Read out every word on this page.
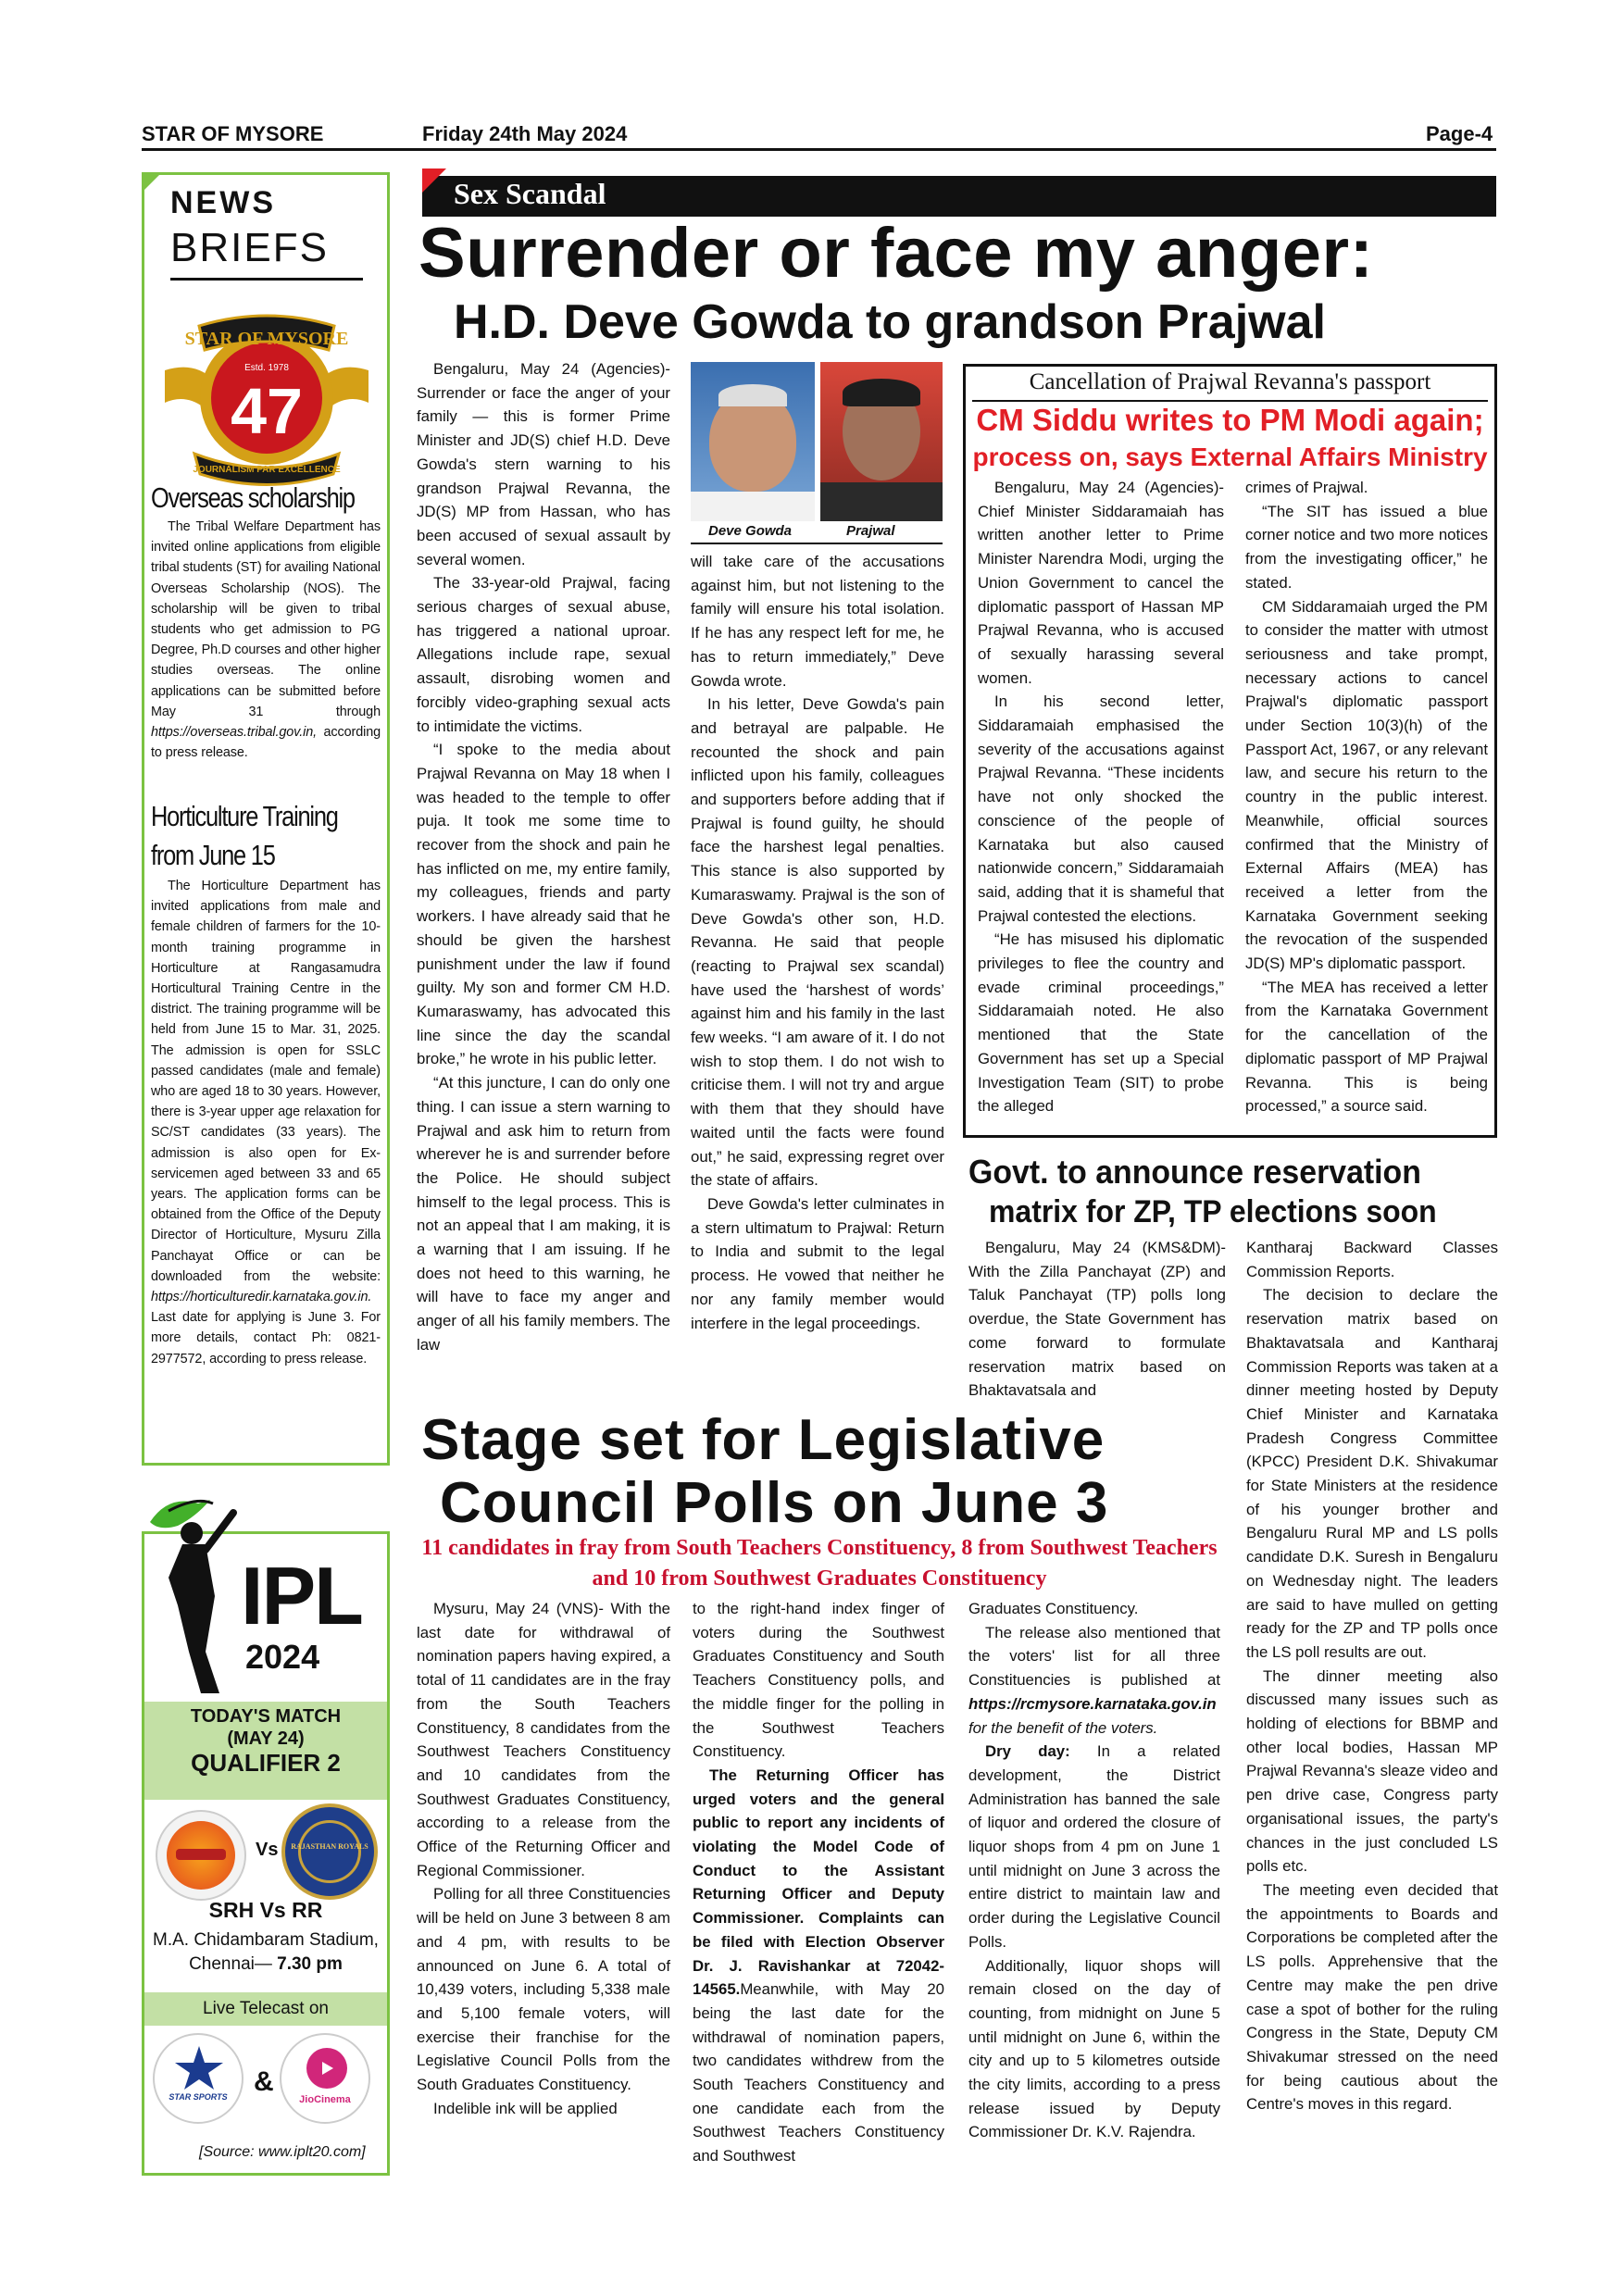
STAR OF MYSORE	Friday 24th May 2024	Page-4
NEWS
BRIEFS
STAR OF MYSORE
Estd. 1978
47
JOURNALISM PAR EXCELLENCE
Overseas scholarship

The Tribal Welfare Department has invited online applications from eligible tribal students (ST) for availing National Overseas Scholarship (NOS). The scholarship will be given to tribal students who get admission to PG Degree, Ph.D courses and other higher studies overseas. The online applications can be submitted before May 31 through https://overseas.tribal.gov.in, according to press release.

Horticulture Training
from June 15

The Horticulture Department has invited applications from male and female children of farmers for the 10-month training programme in Horticulture at Rangasamudra Horticultural Training Centre in the district. The training programme will be held from June 15 to Mar. 31, 2025. The admission is open for SSLC passed candidates (male and female) who are aged 18 to 30 years. However, there is 3-year upper age relaxation for SC/ST candidates (33 years). The admission is also open for Ex-servicemen aged between 33 and 65 years. The application forms can be obtained from the Office of the Deputy Director of Horticulture, Mysuru Zilla Panchayat Office or can be downloaded from the website: https://horticulturedir.karnataka.gov.in. Last date for applying is June 3. For more details, contact Ph: 0821-2977572, according to press release.

Sex Scandal
Surrender or face my anger:
H.D. Deve Gowda to grandson Prajwal
Deve Gowda	Prajwal

Bengaluru, May 24 (Agencies)- Surrender or face the anger of your family — this is former Prime Minister and JD(S) chief H.D. Deve Gowda's stern warning to his grandson Prajwal Revanna, the JD(S) MP from Hassan, who has been accused of sexual assault by several women.

The 33-year-old Prajwal, facing serious charges of sexual abuse, has triggered a national uproar. Allegations include rape, sexual assault, disrobing women and forcibly video-graphing sexual acts to intimidate the victims.

“I spoke to the media about Prajwal Revanna on May 18 when I was headed to the temple to offer puja. It took me some time to recover from the shock and pain he has inflicted on me, my entire family, my colleagues, friends and party workers. I have already said that he should be given the harshest punishment under the law if found guilty. My son and former CM H.D. Kumaraswamy, has advocated this line since the day the scandal broke,” he wrote in his public letter.

“At this juncture, I can do only one thing. I can issue a stern warning to Prajwal and ask him to return from wherever he is and surrender before the Police. He should subject himself to the legal process. This is not an appeal that I am making, it is a warning that I am issuing. If he does not heed to this warning, he will have to face my anger and anger of all his family members. The law

will take care of the accusations against him, but not listening to the family will ensure his total isolation. If he has any respect left for me, he has to return immediately,” Deve Gowda wrote.

In his letter, Deve Gowda's pain and betrayal are palpable. He recounted the shock and pain inflicted upon his family, colleagues and supporters before adding that if Prajwal is found guilty, he should face the harshest legal penalties. This stance is also supported by Kumaraswamy. Prajwal is the son of Deve Gowda's other son, H.D. Revanna. He said that people (reacting to Prajwal sex scandal) have used the ‘harshest of words’ against him and his family in the last few weeks. “I am aware of it. I do not wish to stop them. I do not wish to criticise them. I will not try and argue with them that they should have waited until the facts were found out,” he said, expressing regret over the state of affairs.

Deve Gowda's letter culminates in a stern ultimatum to Prajwal: Return to India and submit to the legal process. He vowed that neither he nor any family member would interfere in the legal proceedings.

Cancellation of Prajwal Revanna's passport
CM Siddu writes to PM Modi again;
process on, says External Affairs Ministry

Bengaluru, May 24 (Agencies)- Chief Minister Siddaramaiah has written another letter to Prime Minister Narendra Modi, urging the Union Government to cancel the diplomatic passport of Hassan MP Prajwal Revanna, who is accused of sexually harassing several women.

In his second letter, Siddaramaiah emphasised the severity of the accusations against Prajwal Revanna. “These incidents have not only shocked the conscience of the people of Karnataka but also caused nationwide concern,” Siddaramaiah said, adding that it is shameful that Prajwal contested the elections.

“He has misused his diplomatic privileges to flee the country and evade criminal proceedings,” Siddaramaiah noted. He also mentioned that the State Government has set up a Special Investigation Team (SIT) to probe the alleged

crimes of Prajwal.

“The SIT has issued a blue corner notice and two more notices from the investigating officer,” he stated.

CM Siddaramaiah urged the PM to consider the matter with utmost seriousness and take prompt, necessary actions to cancel Prajwal's diplomatic passport under Section 10(3)(h) of the Passport Act, 1967, or any relevant law, and secure his return to the country in the public interest. Meanwhile, official sources confirmed that the Ministry of External Affairs (MEA) has received a letter from the Karnataka Government seeking the revocation of the suspended JD(S) MP's diplomatic passport.

“The MEA has received a letter from the Karnataka Government for the cancellation of the diplomatic passport of MP Prajwal Revanna. This is being processed,” a source said.

Govt. to announce reservation
matrix for ZP, TP elections soon

Bengaluru, May 24 (KMS&DM)- With the Zilla Panchayat (ZP) and Taluk Panchayat (TP) polls long overdue, the State Government has come forward to formulate reservation matrix based on Bhaktavatsala and

Kantharaj Backward Classes Commission Reports.

The decision to declare the reservation matrix based on Bhaktavatsala and Kantharaj Commission Reports was taken at a dinner meeting hosted by Deputy Chief Minister and Karnataka Pradesh Congress Committee (KPCC) President D.K. Shivakumar for State Ministers at the residence of his younger brother and Bengaluru Rural MP and LS polls candidate D.K. Suresh in Bengaluru on Wednesday night. The leaders are said to have mulled on getting ready for the ZP and TP polls once the LS poll results are out.

The dinner meeting also discussed many issues such as holding of elections for BBMP and other local bodies, Hassan MP Prajwal Revanna's sleaze video and pen drive case, Congress party organisational issues, the party's chances in the just concluded LS polls etc.

The meeting even decided that the appointments to Boards and Corporations be completed after the LS polls. Apprehensive that the Centre may make the pen drive case a spot of bother for the ruling Congress in the State, Deputy CM Shivakumar stressed on the need for being cautious about the Centre's moves in this regard.

Stage set for Legislative
Council Polls on June 3
11 candidates in fray from South Teachers Constituency, 8 from Southwest Teachers and 10 from Southwest Graduates Constituency

Mysuru, May 24 (VNS)- With the last date for withdrawal of nomination papers having expired, a total of 11 candidates are in the fray from the South Teachers Constituency, 8 candidates from the Southwest Teachers Constituency and 10 candidates from the Southwest Graduates Constituency, according to a release from the Office of the Returning Officer and Regional Commissioner.

Polling for all three Constituencies will be held on June 3 between 8 am and 4 pm, with results to be announced on June 6. A total of 10,439 voters, including 5,338 male and 5,100 female voters, will exercise their franchise for the Legislative Council Polls from the South Graduates Constituency.

Indelible ink will be applied

to the right-hand index finger of voters during the Southwest Graduates Constituency and South Teachers Constituency polls, and the middle finger for the polling in the Southwest Teachers Constituency.

The Returning Officer has urged voters and the general public to report any incidents of violating the Model Code of Conduct to the Assistant Returning Officer and Deputy Commissioner. Complaints can be filed with Election Observer Dr. J. Ravishankar at 72042-14565.Meanwhile, with May 20 being the last date for the withdrawal of nomination papers, two candidates withdrew from the South Teachers Constituency and one candidate each from the Southwest Teachers Constituency and Southwest

Graduates Constituency.

The release also mentioned that the voters' list for all three Constituencies is published at https://rcmysore.karnataka.gov.in for the benefit of the voters.

Dry day: In a related development, the District Administration has banned the sale of liquor and ordered the closure of liquor shops from 4 pm on June 1 until midnight on June 3 across the entire district to maintain law and order during the Legislative Council Polls.

Additionally, liquor shops will remain closed on the day of counting, from midnight on June 5 until midnight on June 6, within the city and up to 5 kilometres outside the city limits, according to a press release issued by Deputy Commissioner Dr. K.V. Rajendra.

IPL
2024
TODAY'S MATCH
(MAY 24)
QUALIFIER 2
Vs	RAJASTHAN ROYALS
SRH Vs RR
M.A. Chidambaram Stadium, Chennai— 7.30 pm
Live Telecast on
STAR SPORTS &
JioCinema
[Source: www.iplt20.com]
